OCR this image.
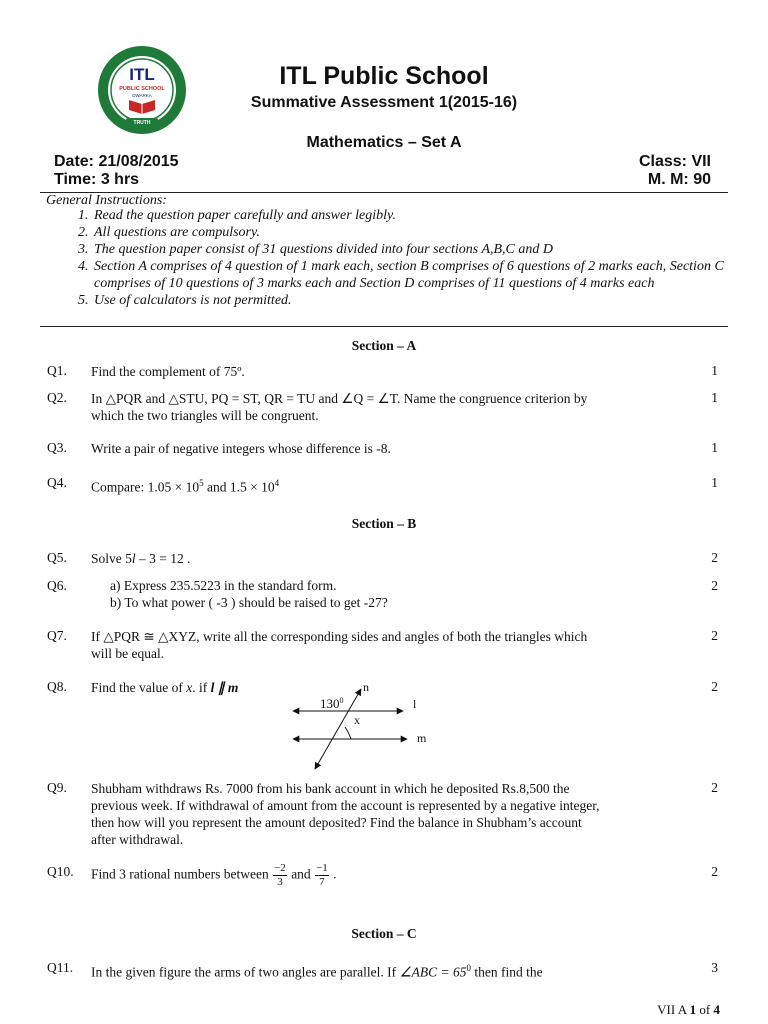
ITL
PUBLIC SCHOOL
DWARKA
TRUTH
ITL Public School
Summative Assessment 1(2015-16)
Mathematics – Set A
Date: 21/08/2015	Class: VII
Time: 3 hrs	M. M: 90
General Instructions:
1. Read the question paper carefully and answer legibly.
2. All questions are compulsory.
3. The question paper consist of 31 questions divided into four sections A,B,C and D
4. Section A comprises of 4 question of 1 mark each, section B comprises of 6 questions of 2 marks each, Section C comprises of 10 questions of 3 marks each and Section D comprises of 11 questions of 4 marks each
5. Use of calculators is not permitted.
Section – A
Q1. Find the complement of 75º.	1
Q2. In △PQR and △STU, PQ = ST, QR = TU and ∠Q = ∠T. Name the congruence criterion by
which the two triangles will be congruent.
1
Q3. Write a pair of negative integers whose difference is -8.	1
Q4. Compare: $1.05 \times 10^5$ and $1.5 \times 10^4$	1
Section – B
Q5. Solve 5l – 3 = 12 .	2
Q6.	a) Express 235.5223 in the standard form.
b) To what power ( -3 ) should be raised to get -27?
2
Q7. If △PQR ≅ △XYZ, write all the corresponding sides and angles of both the triangles which
will be equal.
2
Q8. Find the value of x. if l ∥ m	2
$130^0$
x
n
l
m
Q9. Shubham withdraws Rs. 7000 from his bank account in which he deposited Rs.8,500 the
previous week. If withdrawal of amount from the account is represented by a negative integer,
then how will you represent the amount deposited? Find the balance in Shubham’s account
after withdrawal.
2
Q10. Find 3 rational numbers between $\frac{-2}{3}$ and $\frac{-1}{7}$ .	2
Section – C
Q11. In the given figure the arms of two angles are parallel. If ∠ABC = $65^0$ then find the	3
VII A 1 of 4
